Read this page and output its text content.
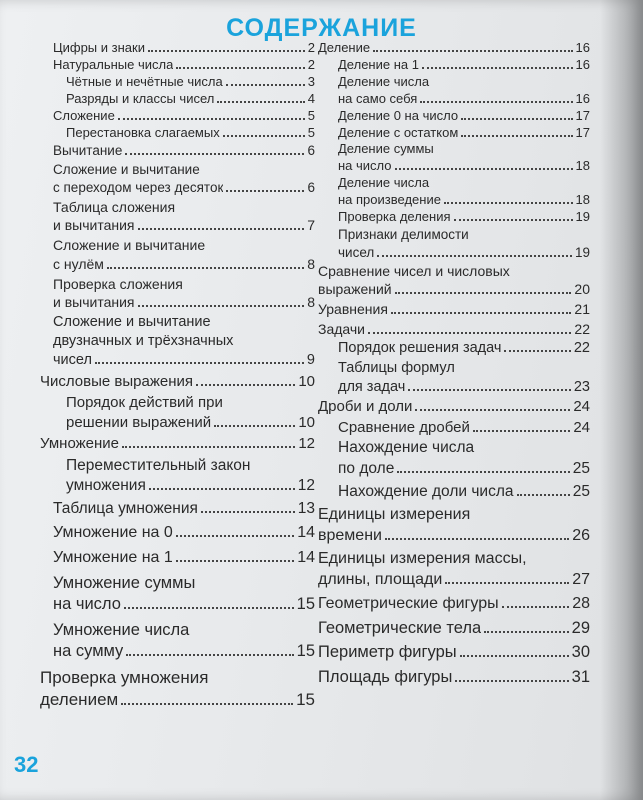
СОДЕРЖАНИЕ
Цифры и знаки	2
Натуральные числа	2
Чётные и нечётные числа	3
Разряды и классы чисел	4
Сложение	5
Перестановка слагаемых	5
Вычитание	6
Сложение и вычитание
с переходом через десяток	6
Таблица сложения
и вычитания	7
Сложение и вычитание
с нулём	8
Проверка сложения
и вычитания	8
Сложение и вычитание
двузначных и трёхзначных
чисел	9
Числовые выражения	10
Порядок действий при
решении выражений	10
Умножение	12
Переместительный закон
умножения	12
Таблица умножения	13
Умножение на 0	14
Умножение на 1	14
Умножение суммы
на число	15
Умножение числа
на сумму	15
Проверка умножения
делением	15
Деление	16
Деление на 1	16
Деление числа
на само себя	16
Деление 0 на число	17
Деление с остатком	17
Деление суммы
на число	18
Деление числа
на произведение	18
Проверка деления	19
Признаки делимости
чисел	19
Сравнение чисел и числовых
выражений	20
Уравнения	21
Задачи	22
Порядок решения задач	22
Таблицы формул
для задач	23
Дроби и доли	24
Сравнение дробей	24
Нахождение числа
по доле	25
Нахождение доли числа	25
Единицы измерения
времени	26
Единицы измерения массы,
длины, площади	27
Геометрические фигуры	28
Геометрические тела	29
Периметр фигуры	30
Площадь фигуры	31
32
